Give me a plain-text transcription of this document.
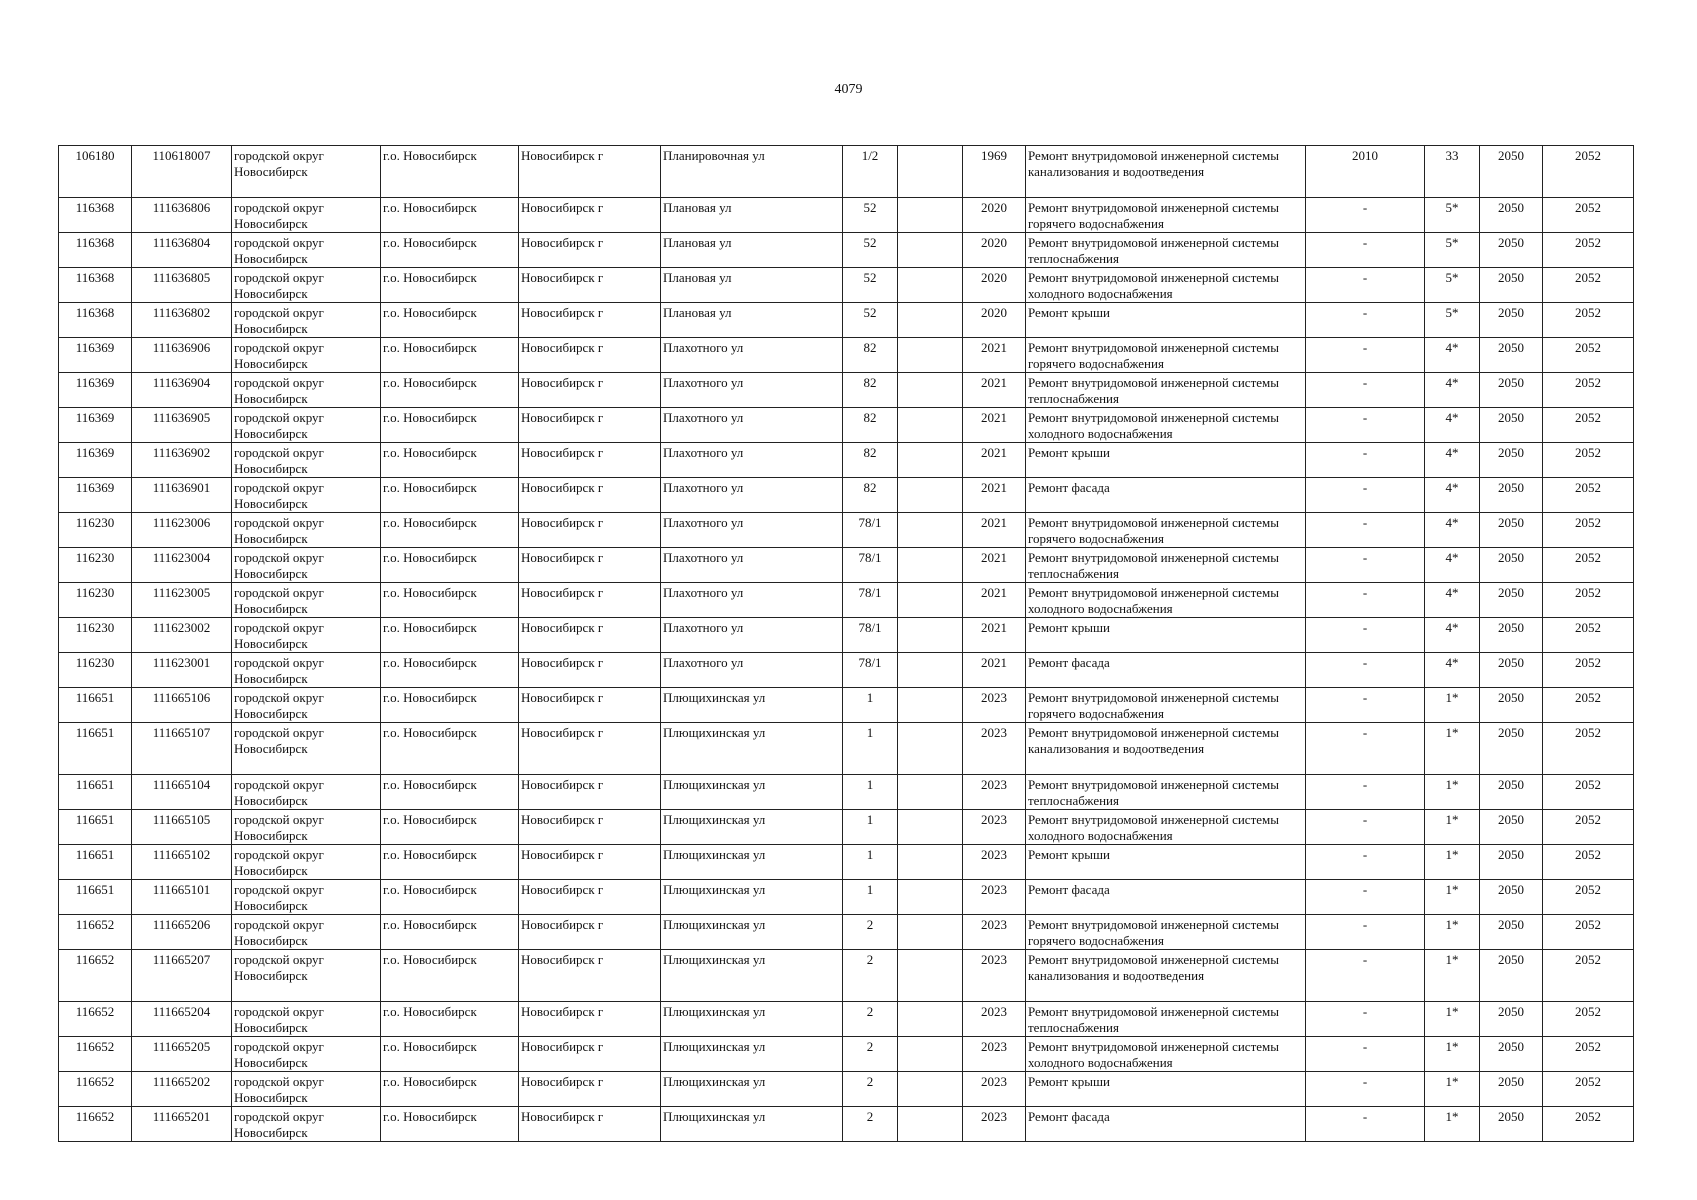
4079
106180	110618007	городской округ Новосибирск	г.о. Новосибирск	Новосибирск г	Планировочная ул	1/2		1969	Ремонт внутридомовой инженерной системы канализования и водоотведения	2010	33	2050	2052
116368	111636806	городской округ Новосибирск	г.о. Новосибирск	Новосибирск г	Плановая ул	52		2020	Ремонт внутридомовой инженерной системы горячего водоснабжения	-	5*	2050	2052
116368	111636804	городской округ Новосибирск	г.о. Новосибирск	Новосибирск г	Плановая ул	52		2020	Ремонт внутридомовой инженерной системы теплоснабжения	-	5*	2050	2052
116368	111636805	городской округ Новосибирск	г.о. Новосибирск	Новосибирск г	Плановая ул	52		2020	Ремонт внутридомовой инженерной системы холодного водоснабжения	-	5*	2050	2052
116368	111636802	городской округ Новосибирск	г.о. Новосибирск	Новосибирск г	Плановая ул	52		2020	Ремонт крыши	-	5*	2050	2052
116369	111636906	городской округ Новосибирск	г.о. Новосибирск	Новосибирск г	Плахотного ул	82		2021	Ремонт внутридомовой инженерной системы горячего водоснабжения	-	4*	2050	2052
116369	111636904	городской округ Новосибирск	г.о. Новосибирск	Новосибирск г	Плахотного ул	82		2021	Ремонт внутридомовой инженерной системы теплоснабжения	-	4*	2050	2052
116369	111636905	городской округ Новосибирск	г.о. Новосибирск	Новосибирск г	Плахотного ул	82		2021	Ремонт внутридомовой инженерной системы холодного водоснабжения	-	4*	2050	2052
116369	111636902	городской округ Новосибирск	г.о. Новосибирск	Новосибирск г	Плахотного ул	82		2021	Ремонт крыши	-	4*	2050	2052
116369	111636901	городской округ Новосибирск	г.о. Новосибирск	Новосибирск г	Плахотного ул	82		2021	Ремонт фасада	-	4*	2050	2052
116230	111623006	городской округ Новосибирск	г.о. Новосибирск	Новосибирск г	Плахотного ул	78/1		2021	Ремонт внутридомовой инженерной системы горячего водоснабжения	-	4*	2050	2052
116230	111623004	городской округ Новосибирск	г.о. Новосибирск	Новосибирск г	Плахотного ул	78/1		2021	Ремонт внутридомовой инженерной системы теплоснабжения	-	4*	2050	2052
116230	111623005	городской округ Новосибирск	г.о. Новосибирск	Новосибирск г	Плахотного ул	78/1		2021	Ремонт внутридомовой инженерной системы холодного водоснабжения	-	4*	2050	2052
116230	111623002	городской округ Новосибирск	г.о. Новосибирск	Новосибирск г	Плахотного ул	78/1		2021	Ремонт крыши	-	4*	2050	2052
116230	111623001	городской округ Новосибирск	г.о. Новосибирск	Новосибирск г	Плахотного ул	78/1		2021	Ремонт фасада	-	4*	2050	2052
116651	111665106	городской округ Новосибирск	г.о. Новосибирск	Новосибирск г	Плющихинская ул	1		2023	Ремонт внутридомовой инженерной системы горячего водоснабжения	-	1*	2050	2052
116651	111665107	городской округ Новосибирск	г.о. Новосибирск	Новосибирск г	Плющихинская ул	1		2023	Ремонт внутридомовой инженерной системы канализования и водоотведения	-	1*	2050	2052
116651	111665104	городской округ Новосибирск	г.о. Новосибирск	Новосибирск г	Плющихинская ул	1		2023	Ремонт внутридомовой инженерной системы теплоснабжения	-	1*	2050	2052
116651	111665105	городской округ Новосибирск	г.о. Новосибирск	Новосибирск г	Плющихинская ул	1		2023	Ремонт внутридомовой инженерной системы холодного водоснабжения	-	1*	2050	2052
116651	111665102	городской округ Новосибирск	г.о. Новосибирск	Новосибирск г	Плющихинская ул	1		2023	Ремонт крыши	-	1*	2050	2052
116651	111665101	городской округ Новосибирск	г.о. Новосибирск	Новосибирск г	Плющихинская ул	1		2023	Ремонт фасада	-	1*	2050	2052
116652	111665206	городской округ Новосибирск	г.о. Новосибирск	Новосибирск г	Плющихинская ул	2		2023	Ремонт внутридомовой инженерной системы горячего водоснабжения	-	1*	2050	2052
116652	111665207	городской округ Новосибирск	г.о. Новосибирск	Новосибирск г	Плющихинская ул	2		2023	Ремонт внутридомовой инженерной системы канализования и водоотведения	-	1*	2050	2052
116652	111665204	городской округ Новосибирск	г.о. Новосибирск	Новосибирск г	Плющихинская ул	2		2023	Ремонт внутридомовой инженерной системы теплоснабжения	-	1*	2050	2052
116652	111665205	городской округ Новосибирск	г.о. Новосибирск	Новосибирск г	Плющихинская ул	2		2023	Ремонт внутридомовой инженерной системы холодного водоснабжения	-	1*	2050	2052
116652	111665202	городской округ Новосибирск	г.о. Новосибирск	Новосибирск г	Плющихинская ул	2		2023	Ремонт крыши	-	1*	2050	2052
116652	111665201	городской округ Новосибирск	г.о. Новосибирск	Новосибирск г	Плющихинская ул	2		2023	Ремонт фасада	-	1*	2050	2052
